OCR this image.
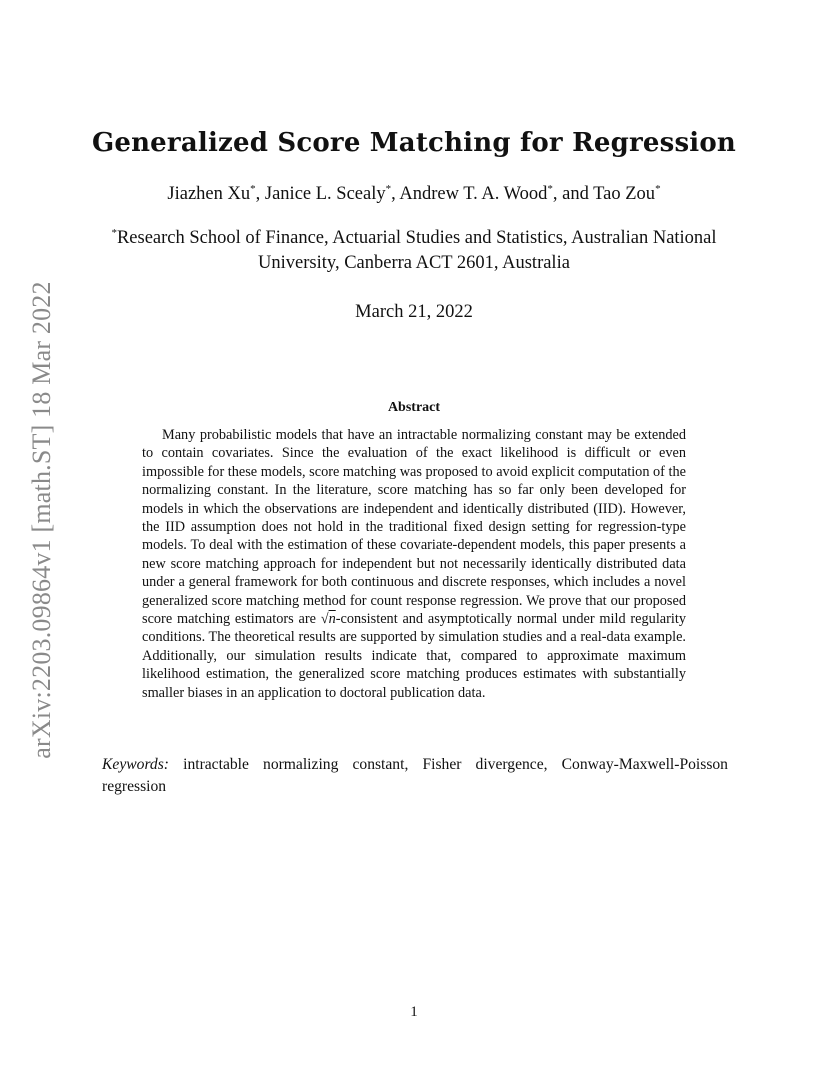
arXiv:2203.09864v1 [math.ST] 18 Mar 2022
Generalized Score Matching for Regression
Jiazhen Xu*, Janice L. Scealy*, Andrew T. A. Wood*, and Tao Zou*
*Research School of Finance, Actuarial Studies and Statistics, Australian National University, Canberra ACT 2601, Australia
March 21, 2022
Abstract
Many probabilistic models that have an intractable normalizing constant may be extended to contain covariates. Since the evaluation of the exact likelihood is difficult or even impossible for these models, score matching was proposed to avoid explicit computation of the normalizing constant. In the literature, score matching has so far only been developed for models in which the observations are independent and identically distributed (IID). However, the IID assumption does not hold in the traditional fixed design setting for regression-type models. To deal with the estimation of these covariate-dependent models, this paper presents a new score matching approach for independent but not necessarily identically distributed data under a general framework for both continuous and discrete responses, which includes a novel generalized score matching method for count response regression. We prove that our proposed score matching estimators are √n-consistent and asymptotically normal under mild regularity conditions. The theoretical results are supported by simulation studies and a real-data example. Additionally, our simulation results indicate that, compared to approximate maximum likelihood estimation, the generalized score matching produces estimates with substantially smaller biases in an application to doctoral publication data.
Keywords: intractable normalizing constant, Fisher divergence, Conway-Maxwell-Poisson regression
1
